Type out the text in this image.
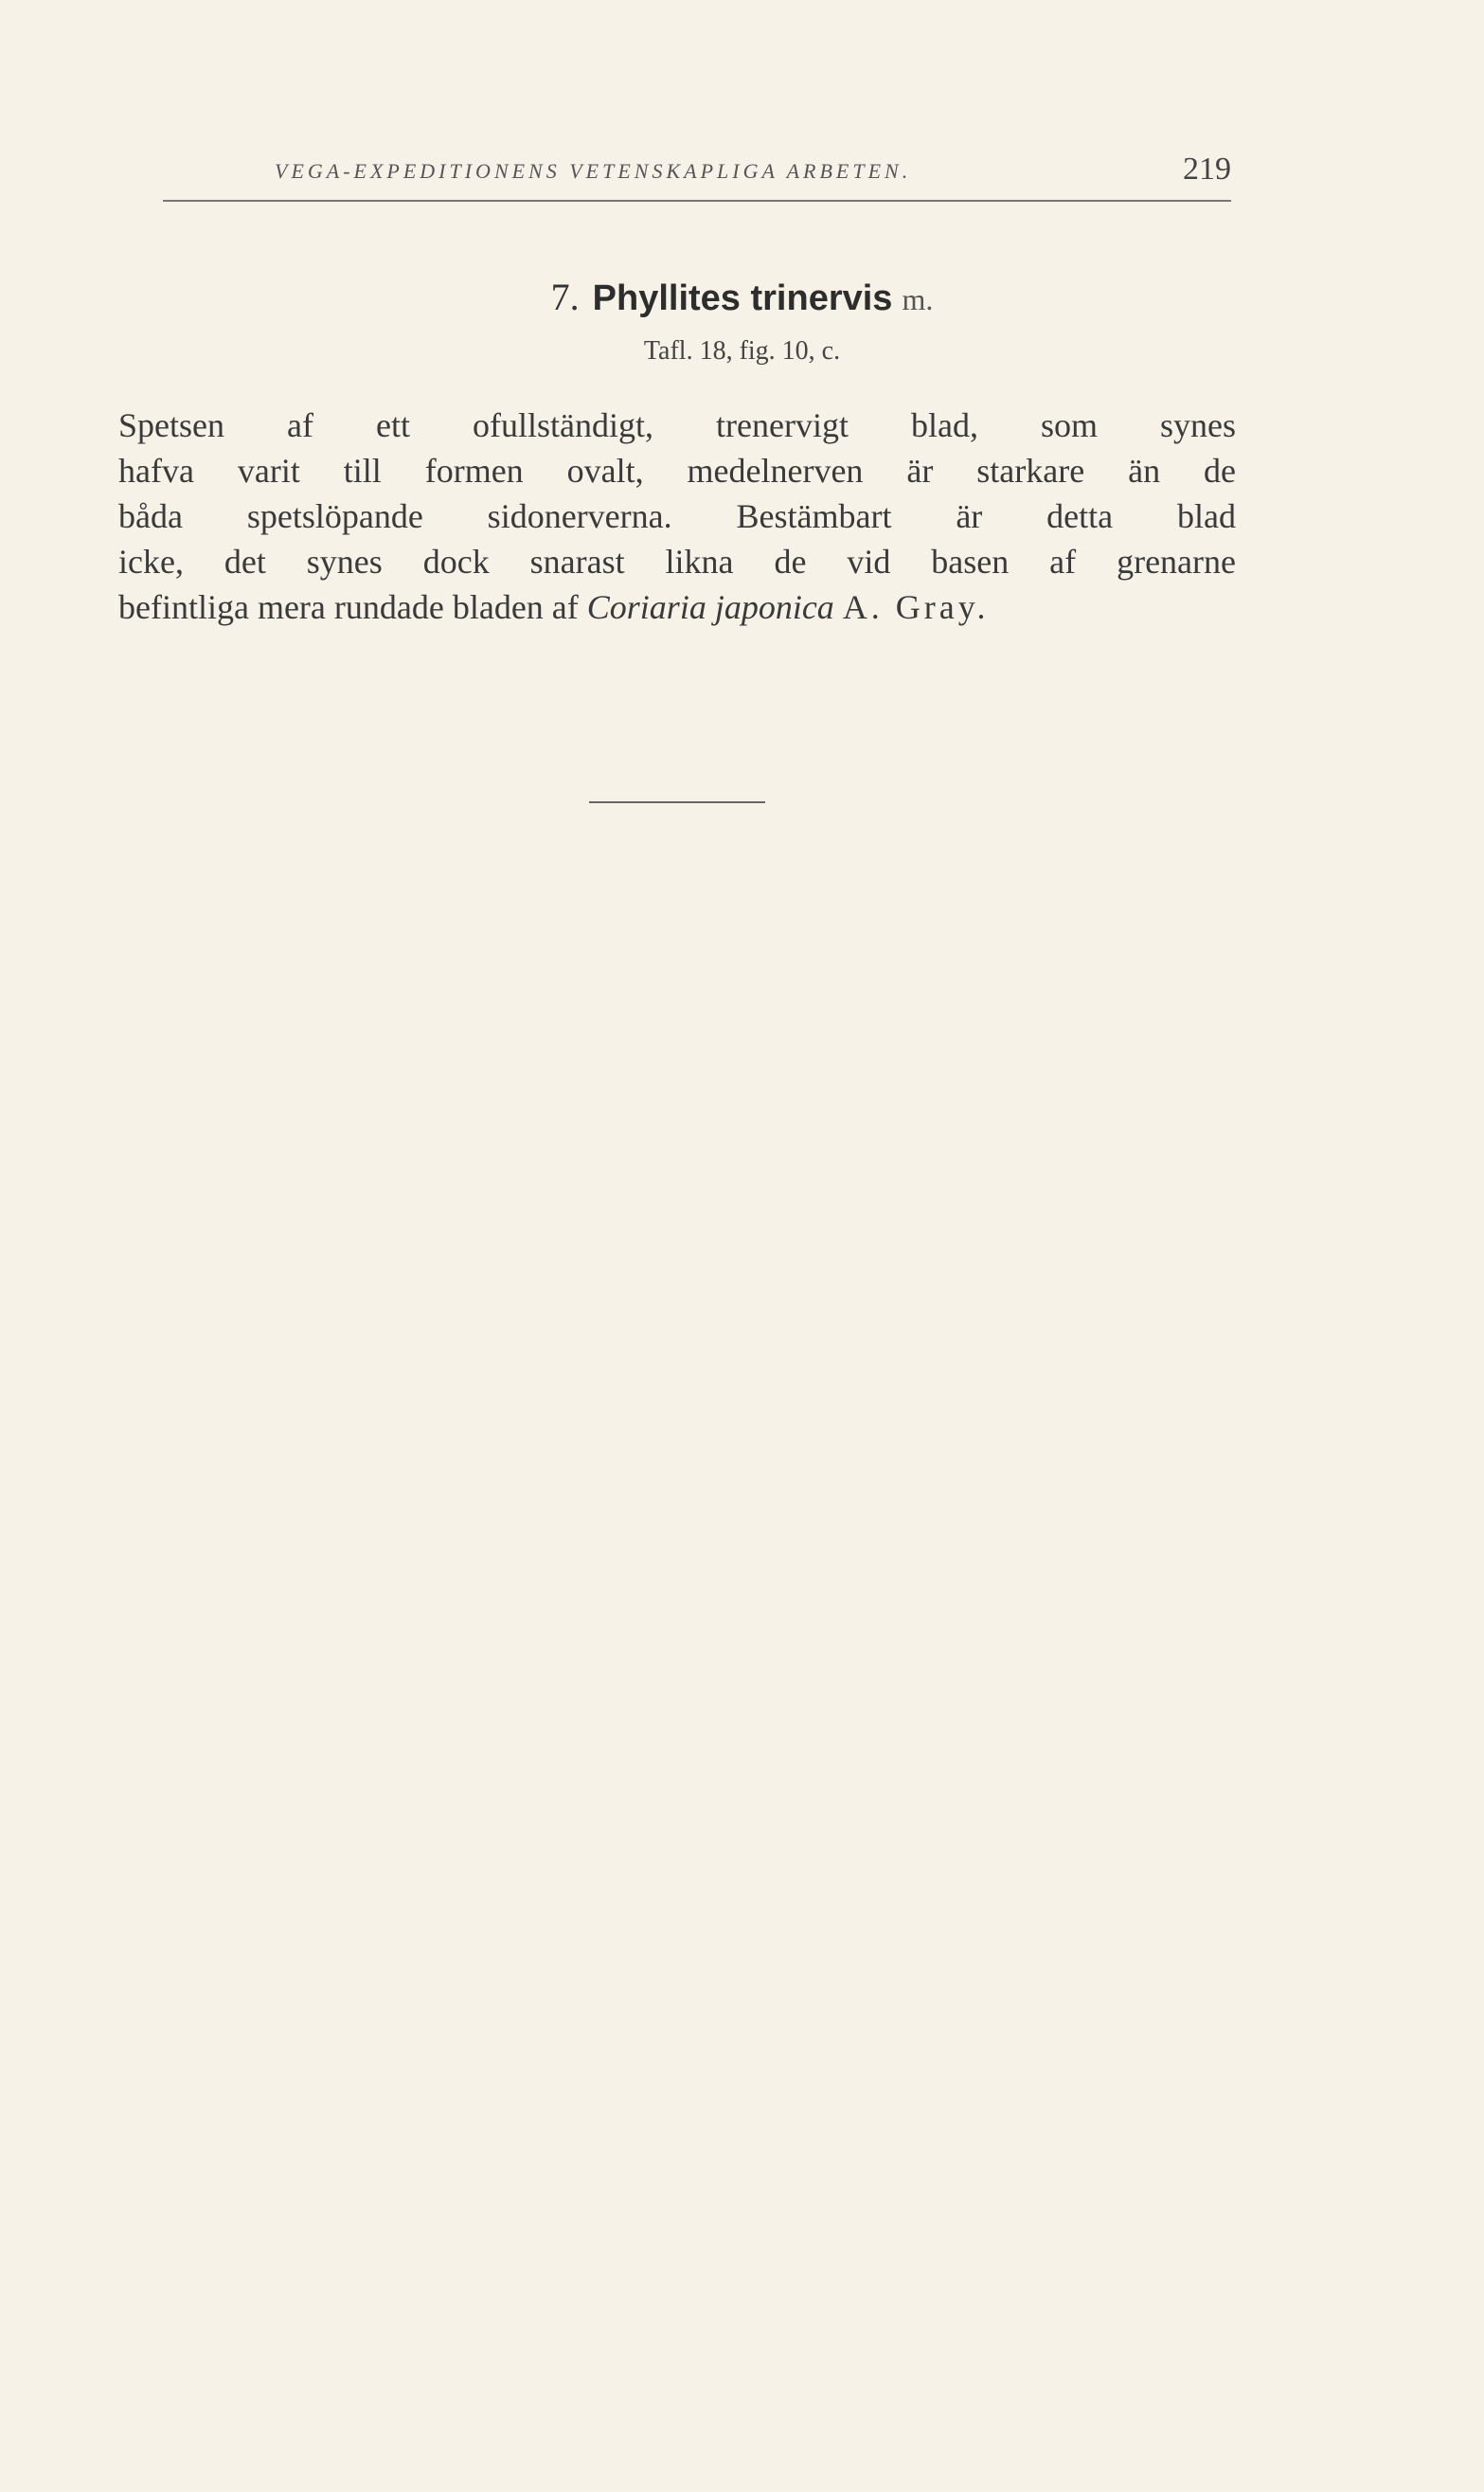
VEGA-EXPEDITIONENS VETENSKAPLIGA ARBETEN.	219
7. Phyllites trinervis m.
Tafl. 18, fig. 10, c.
Spetsen af ett ofullständigt, trenervigt blad, som synes
hafva varit till formen ovalt, medelnerven är starkare än de
båda spetslöpande sidonerverna. Bestämbart är detta blad
icke, det synes dock snarast likna de vid basen af grenarne
befintliga mera rundade bladen af Coriaria japonica A. Gray.
